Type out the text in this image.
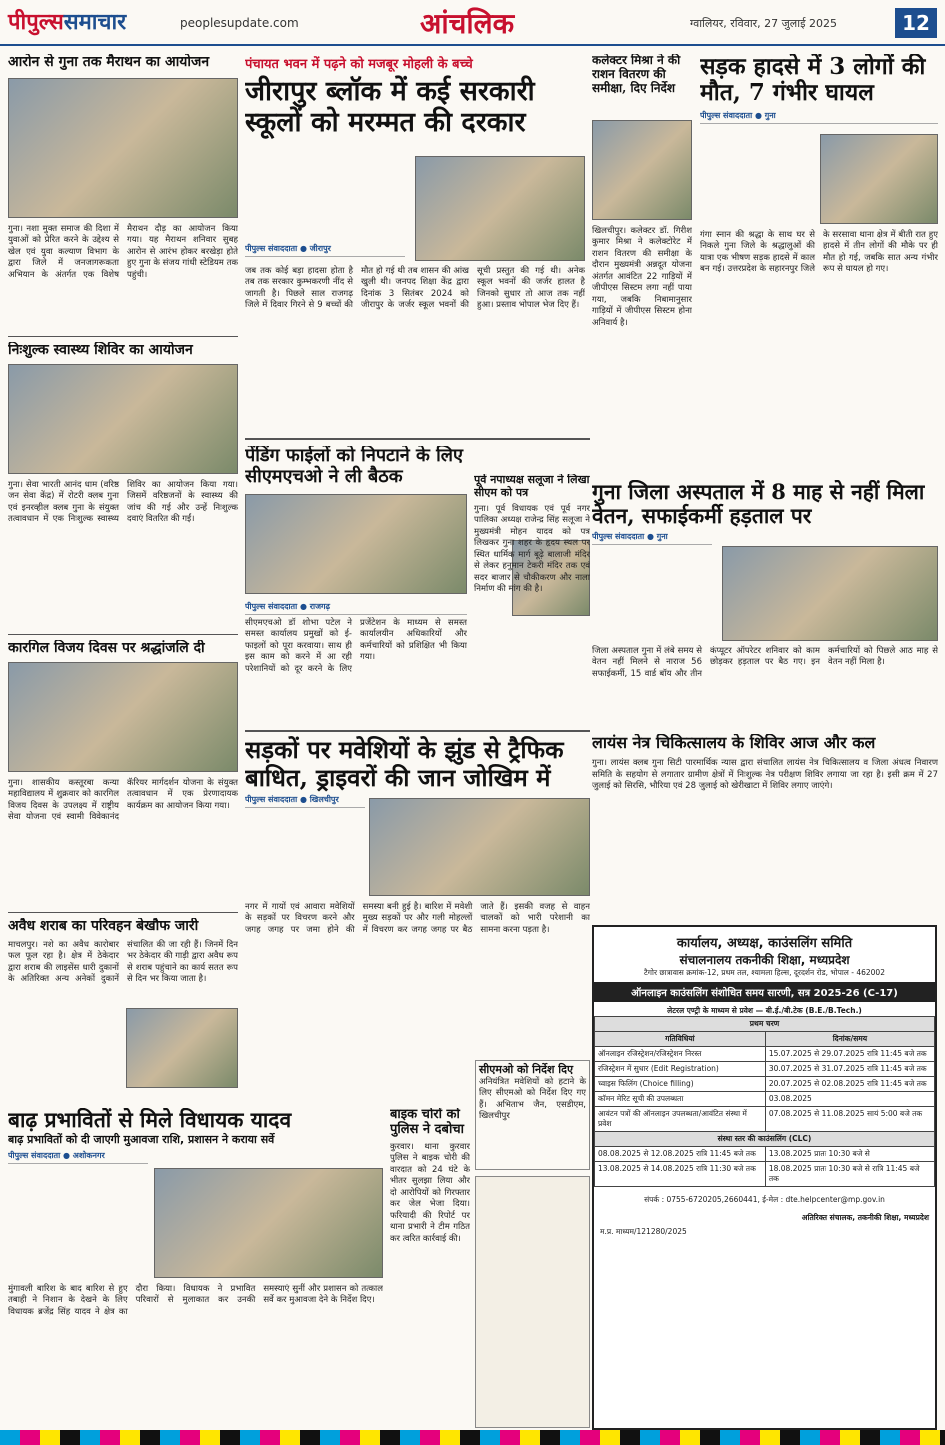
पीपुल्ससमाचार	peoplesupdate.com	आंचलिक	ग्वालियर, रविवार, 27 जुलाई 2025	12
आरोन से गुना तक मैराथन का आयोजन
गुना। नशा मुक्त समाज की दिशा में युवाओं को प्रेरित करने के उद्देश्य से खेल एवं युवा कल्याण विभाग के द्वारा जिले में जनजागरूकता अभियान के अंतर्गत एक विशेष मैराथन दौड़ का आयोजन किया गया। यह मैराथन शनिवार सुबह आरोन से आरंभ होकर बरखेड़ा होते हुए गुना के संजय गांधी स्टेडियम तक पहुंची।
निःशुल्क स्वास्थ्य शिविर का आयोजन
गुना। सेवा भारती आनंद धाम (वरिष्ठ जन सेवा केंद्र) में रोटरी क्लब गुना एवं इनरव्हील क्लब गुना के संयुक्त तत्वावधान में एक निःशुल्क स्वास्थ्य शिविर का आयोजन किया गया। जिसमें वरिष्ठजनों के स्वास्थ्य की जांच की गई और उन्हें निःशुल्क दवाएं वितरित की गईं।
कारगिल विजय दिवस पर श्रद्धांजलि दी
गुना। शासकीय कस्तूरबा कन्या महाविद्यालय में शुक्रवार को कारगिल विजय दिवस के उपलक्ष्य में राष्ट्रीय सेवा योजना एवं स्वामी विवेकानंद कॅरियर मार्गदर्शन योजना के संयुक्त तत्वावधान में एक प्रेरणादायक कार्यक्रम का आयोजन किया गया।
अवैध शराब का परिवहन बेखौफ जारी
माचलपुर। नशे का अवैध कारोबार फल फूल रहा है। क्षेत्र में ठेकेदार द्वारा शराब की लाइसेंस धारी दुकानों के अतिरिक्त अन्य अनेकों दुकानें संचालित की जा रही हैं। जिनमें दिन भर ठेकेदार की गाड़ी द्वारा अवैध रूप से शराब पहुंचाने का कार्य सतत रूप से दिन भर किया जाता है।
पंचायत भवन में पढ़ने को मजबूर मोहली के बच्चे
जीरापुर ब्लॉक में कई सरकारी स्कूलों को मरम्मत की दरकार
पीपुल्स संवाददाता ● जीरापुर
जब तक कोई बड़ा हादसा होता है तब तक सरकार कुम्भकरणी नींद से जागती है। पिछले साल राजगढ़ जिले में दिवार गिरने से 9 बच्चों की मौत हो गई थी तब शासन की आंख खुली थी। जनपद शिक्षा केंद्र द्वारा दिनांक 3 सितंबर 2024 को जीरापुर के जर्जर स्कूल भवनों की सूची प्रस्तुत की गई थी। अनेक स्कूल भवनों की जर्जर हालत है जिनको सुधार तो आज तक नहीं हुआ। प्रस्ताव भोपाल भेज दिए हैं।
कलेक्टर मिश्रा ने की राशन वितरण की समीक्षा, दिए निर्देश
खिलचीपुर। कलेक्टर डॉ. गिरीश कुमार मिश्रा ने कलेक्टोरेट में राशन वितरण की समीक्षा के दौरान मुख्यमंत्री अन्नदूत योजना अंतर्गत आवंटित 22 गाड़ियों में जीपीएस सिस्टम लगा नहीं पाया गया, जबकि निबामानुसार गाड़ियों में जीपीएस सिस्टम होना अनिवार्य है।
सड़क हादसे में 3 लोगों की मौत, 7 गंभीर घायल
पीपुल्स संवाददाता ● गुना
गंगा स्नान की श्रद्धा के साथ घर से निकले गुना जिले के श्रद्धालुओं की यात्रा एक भीषण सड़क हादसे में काल बन गई। उत्तरप्रदेश के सहारनपुर जिले के सरसावा थाना क्षेत्र में बीती रात हुए हादसे में तीन लोगों की मौके पर ही मौत हो गई, जबकि सात अन्य गंभीर रूप से घायल हो गए।
पेंडिंग फाईलों को निपटाने के लिए सीएमएचओ ने ली बैठक
पीपुल्स संवाददाता ● राजगढ़
सीएमएचओ डॉ शोभा पटेल ने समस्त कार्यालय प्रमुखों को ई-फाइलों को पूरा करवाया। साथ ही इस काम को करने में आ रही परेशानियों को दूर करने के लिए प्रजेंटेशन के माध्यम से समस्त कार्यालयीन अधिकारियों और कर्मचारियों को प्रशिक्षित भी किया गया।
पूर्व नपाध्यक्ष सलूजा ने लिखा सीएम को पत्र
गुना। पूर्व विधायक एवं पूर्व नगर पालिका अध्यक्ष राजेन्द्र सिंह सलूजा ने मुख्यमंत्री मोहन यादव को पत्र लिखकर गुना शहर के हृदय स्थल पर स्थित धार्मिक मार्ग बूढ़े बालाजी मंदिर से लेकर हनुमान टेकरी मंदिर तक एवं सदर बाजार से चौकीकरण और नाला निर्माण की मांग की है।
गुना जिला अस्पताल में 8 माह से नहीं मिला वेतन, सफाईकर्मी हड़ताल पर
पीपुल्स संवाददाता ● गुना
जिला अस्पताल गुना में लंबे समय से वेतन नहीं मिलने से नाराज 56 सफाईकर्मी, 15 वार्ड बॉय और तीन कंप्यूटर ऑपरेटर शनिवार को काम छोड़कर हड़ताल पर बैठ गए। इन कर्मचारियों को पिछले आठ माह से वेतन नहीं मिला है।
लायंस नेत्र चिकित्सालय के शिविर आज और कल
गुना। लायंस क्लब गुना सिटी पारमार्थिक न्यास द्वारा संचालित लायंस नेत्र चिकित्सालय व जिला अंधत्व निवारण समिति के सहयोग से लगातार ग्रामीण क्षेत्रों में निःशुल्क नेत्र परीक्षण शिविर लगाया जा रहा है। इसी क्रम में 27 जुलाई को सिरसि, भौरिया एवं 28 जुलाई को खेरीखाटा में शिविर लगाए जाएंगे।
सड़कों पर मवेशियों के झुंड से ट्रैफिक बाधित, ड्राइवरों की जान जोखिम में
पीपुल्स संवाददाता ● खिलचीपुर
नगर में गायों एवं आवारा मवेशियों के सड़कों पर विचरण करने और जगह जगह पर जमा होने की समस्या बनी हुई है। बारिश में मवेशी मुख्य सड़कों पर और गली मोहल्लों में विचरण कर जगह जगह पर बैठ जाते हैं। इसकी वजह से वाहन चालकों को भारी परेशानी का सामना करना पड़ता है।
सीएमओ को निर्देश दिए
अनियंत्रित मवेशियों को हटाने के लिए सीएमओ को निर्देश दिए गए हैं। अभिताभ जैन, एसडीएम, खिलचीपुर
बाढ़ प्रभावितों से मिले विधायक यादव
बाढ़ प्रभावितों को दी जाएगी मुआवजा राशि, प्रशासन ने कराया सर्वे
पीपुल्स संवाददाता ● अशोकनगर
मुंगावली बारिश के बाद बारिश से हुए तबाही ने निशान के देखने के लिए विधायक ब्रजेंद्र सिंह यादव ने क्षेत्र का दौरा किया। विधायक ने प्रभावित परिवारों से मुलाकात कर उनकी समस्याएं सुनीं और प्रशासन को तत्काल सर्वे कर मुआवजा देने के निर्देश दिए।
बाइक चोरों को पुलिस ने दबोचा
कुरवार। थाना कुरवार पुलिस ने बाइक चोरी की वारदात को 24 घंटे के भीतर सुलझा लिया और दो आरोपियों को गिरफ्तार कर जेल भेजा दिया। फरियादी की रिपोर्ट पर थाना प्रभारी ने टीम गठित कर त्वरित कार्रवाई की।
कार्यालय, अध्यक्ष, काउंसलिंग समिति
संचालनालय तकनीकी शिक्षा, मध्यप्रदेश
टैगोर छात्रावास क्रमांक-12, प्रथम तल, श्यामला हिल्स, दूरदर्शन रोड, भोपाल - 462002
ऑनलाइन काउंसलिंग संशोधित समय सारणी, सत्र 2025-26 (C-17)
लेटरल एण्ट्री के माध्यम से प्रवेश — बी.ई./बी.टेक (B.E./B.Tech.)
प्रथम चरण	
गतिविधियां	दिनांक/समय
ऑनलाइन रजिस्ट्रेशन/रजिस्ट्रेशन निरस्त	15.07.2025 से 29.07.2025 रात्रि 11:45 बजे तक
रजिस्ट्रेशन में सुधार (Edit Registration)	30.07.2025 से 31.07.2025 रात्रि 11:45 बजे तक
च्वाइस फिलिंग (Choice filling)	20.07.2025 से 02.08.2025 रात्रि 11:45 बजे तक
कॉमन मेरिट सूची की उपलब्धता	03.08.2025
आवंटन पत्रों की ऑनलाइन उपलब्धता/आवंटित संस्था में प्रवेश	07.08.2025 से 11.08.2025 सायं 5:00 बजे तक
संस्था स्तर की काउंसलिंग (CLC)	
08.08.2025 से 12.08.2025 रात्रि 11:45 बजे तक	13.08.2025 प्रातः 10:30 बजे से
13.08.2025 से 14.08.2025 रात्रि 11:30 बजे तक	18.08.2025 प्रातः 10:30 बजे से रात्रि 11:45 बजे तक
संपर्क : 0755-6720205,2660441, ई-मेल : dte.helpcenter@mp.gov.in
अतिरिक्त संचालक, तकनीकी शिक्षा, मध्यप्रदेश
म.प्र. माध्यम/121280/2025
